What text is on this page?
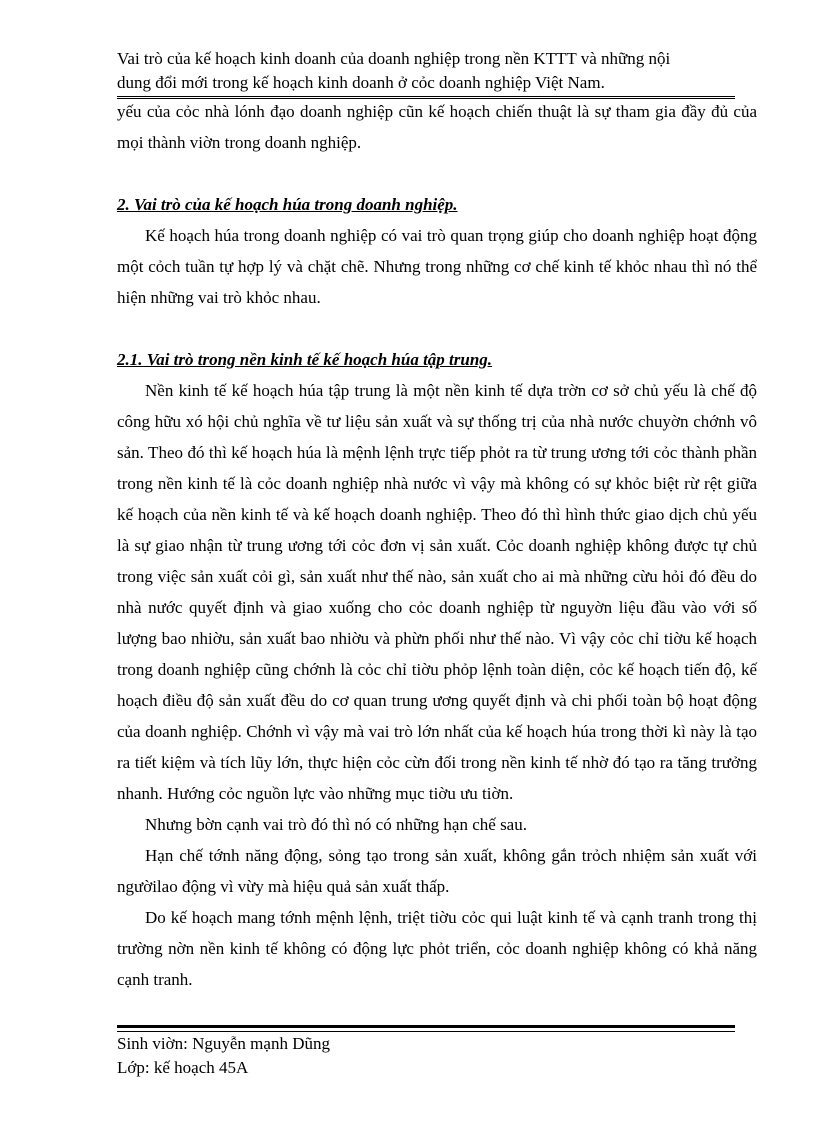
Vai trò của kế hoạch kinh doanh của doanh nghiệp trong nền KTTT và những nội
dung đổi mới trong kế hoạch kinh doanh ở cỏc doanh nghiệp Việt Nam.

yếu của cỏc nhà lónh đạo doanh nghiệp cũn kế hoạch chiến thuật là sự tham gia đầy đủ của mọi thành viờn trong doanh nghiệp.

2. Vai trò của kế hoạch húa trong doanh nghiệp.

Kế hoạch húa trong doanh nghiệp có vai trò quan trọng giúp cho doanh nghiệp hoạt động một cỏch tuần tự hợp lý và chặt chẽ. Nhưng trong những cơ chế kinh tế khỏc nhau thì nó thể hiện những vai trò khỏc nhau.

2.1. Vai trò trong nền kinh tế kế hoạch húa tập trung.

Nền kinh tế kế hoạch húa tập trung là một nền kinh tế dựa trờn cơ sở chủ yếu là chế độ công hữu xó hội chủ nghĩa về tư liệu sản xuất và sự thống trị của nhà nước chuyờn chớnh vô sản. Theo đó thì kế hoạch húa là mệnh lệnh trực tiếp phỏt ra từ trung ương tới cỏc thành phần trong nền kinh tế là cỏc doanh nghiệp nhà nước vì vậy mà không có sự khỏc biệt rừ rệt giữa kế hoạch của nền kinh tế và kế hoạch doanh nghiệp. Theo đó thì hình thức giao dịch chủ yếu là sự giao nhận từ trung ương tới cỏc đơn vị sản xuất. Cỏc doanh nghiệp không được tự chủ trong việc sản xuất cỏi gì, sản xuất như thế nào, sản xuất cho ai mà những cừu hỏi đó đều do nhà nước quyết định và giao xuống cho cỏc doanh nghiệp từ nguyờn liệu đầu vào với số lượng bao nhiờu, sản xuất bao nhiờu và phừn phối như thế nào. Vì vậy cỏc chỉ tiờu kế hoạch trong doanh nghiệp cũng chớnh là cỏc chỉ tiờu phỏp lệnh toàn diện, cỏc kế hoạch tiến độ, kế hoạch điều độ sản xuất đều do cơ quan trung ương quyết định và chi phối toàn bộ hoạt động của doanh nghiệp. Chớnh vì vậy mà vai trò lớn nhất của kế hoạch húa trong thời kì này là tạo ra tiết kiệm và tích lũy lớn, thực hiện cỏc cừn đối trong nền kinh tế nhờ đó tạo ra tăng trưởng nhanh. Hướng cỏc nguồn lực vào những mục tiờu ưu tiờn.

Nhưng bờn cạnh vai trò đó thì nó có những hạn chế sau.

Hạn chế tớnh năng động, sỏng tạo trong sản xuất, không gắn trỏch nhiệm sản xuất với ngườilao động vì vừy mà hiệu quả sản xuất thấp.

Do kế hoạch mang tớnh mệnh lệnh, triệt tiờu cỏc qui luật kinh tế và cạnh tranh trong thị trường nờn nền kinh tế không có động lực phỏt triển, cỏc doanh nghiệp không có khả năng cạnh tranh.

Sinh viờn: Nguyễn mạnh Dũng
Lớp: kế hoạch 45A
